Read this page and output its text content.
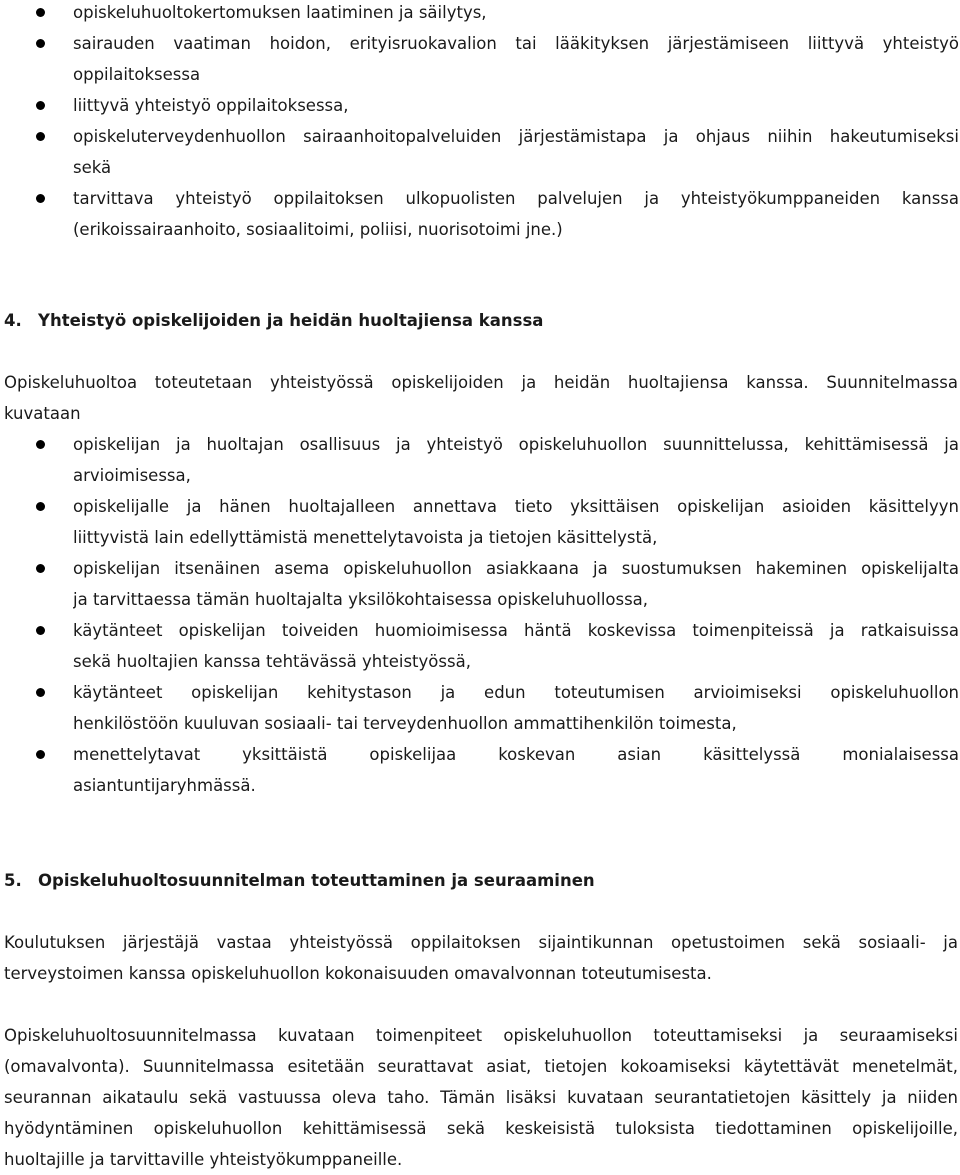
opiskeluhuoltokertomuksen laatiminen ja säilytys,
sairauden vaatiman hoidon, erityisruokavalion tai lääkityksen järjestämiseen liittyvä yhteistyö
oppilaitoksessa
liittyvä yhteistyö oppilaitoksessa,
opiskeluterveydenhuollon sairaanhoitopalveluiden järjestämistapa ja ohjaus niihin hakeutumiseksi
sekä
tarvittava yhteistyö oppilaitoksen ulkopuolisten palvelujen ja yhteistyökumppaneiden kanssa
(erikoissairaanhoito, sosiaalitoimi, poliisi, nuorisotoimi jne.)
4. Yhteistyö opiskelijoiden ja heidän huoltajiensa kanssa
Opiskeluhuoltoa toteutetaan yhteistyössä opiskelijoiden ja heidän huoltajiensa kanssa. Suunnitelmassa
kuvataan
opiskelijan ja huoltajan osallisuus ja yhteistyö opiskeluhuollon suunnittelussa, kehittämisessä ja
arvioimisessa,
opiskelijalle ja hänen huoltajalleen annettava tieto yksittäisen opiskelijan asioiden käsittelyyn
liittyvistä lain edellyttämistä menettelytavoista ja tietojen käsittelystä,
opiskelijan itsenäinen asema opiskeluhuollon asiakkaana ja suostumuksen hakeminen opiskelijalta
ja tarvittaessa tämän huoltajalta yksilökohtaisessa opiskeluhuollossa,
käytänteet opiskelijan toiveiden huomioimisessa häntä koskevissa toimenpiteissä ja ratkaisuissa
sekä huoltajien kanssa tehtävässä yhteistyössä,
käytänteet opiskelijan kehitystason ja edun toteutumisen arvioimiseksi opiskeluhuollon
henkilöstöön kuuluvan sosiaali- tai terveydenhuollon ammattihenkilön toimesta,
menettelytavat yksittäistä opiskelijaa koskevan asian käsittelyssä monialaisessa
asiantuntijaryhmässä.
5. Opiskeluhuoltosuunnitelman toteuttaminen ja seuraaminen
Koulutuksen järjestäjä vastaa yhteistyössä oppilaitoksen sijaintikunnan opetustoimen sekä sosiaali- ja
terveystoimen kanssa opiskeluhuollon kokonaisuuden omavalvonnan toteutumisesta.
Opiskeluhuoltosuunnitelmassa kuvataan toimenpiteet opiskeluhuollon toteuttamiseksi ja seuraamiseksi
(omavalvonta). Suunnitelmassa esitetään seurattavat asiat, tietojen kokoamiseksi käytettävät menetelmät,
seurannan aikataulu sekä vastuussa oleva taho. Tämän lisäksi kuvataan seurantatietojen käsittely ja niiden
hyödyntäminen opiskeluhuollon kehittämisessä sekä keskeisistä tuloksista tiedottaminen opiskelijoille,
huoltajille ja tarvittaville yhteistyökumppaneille.
